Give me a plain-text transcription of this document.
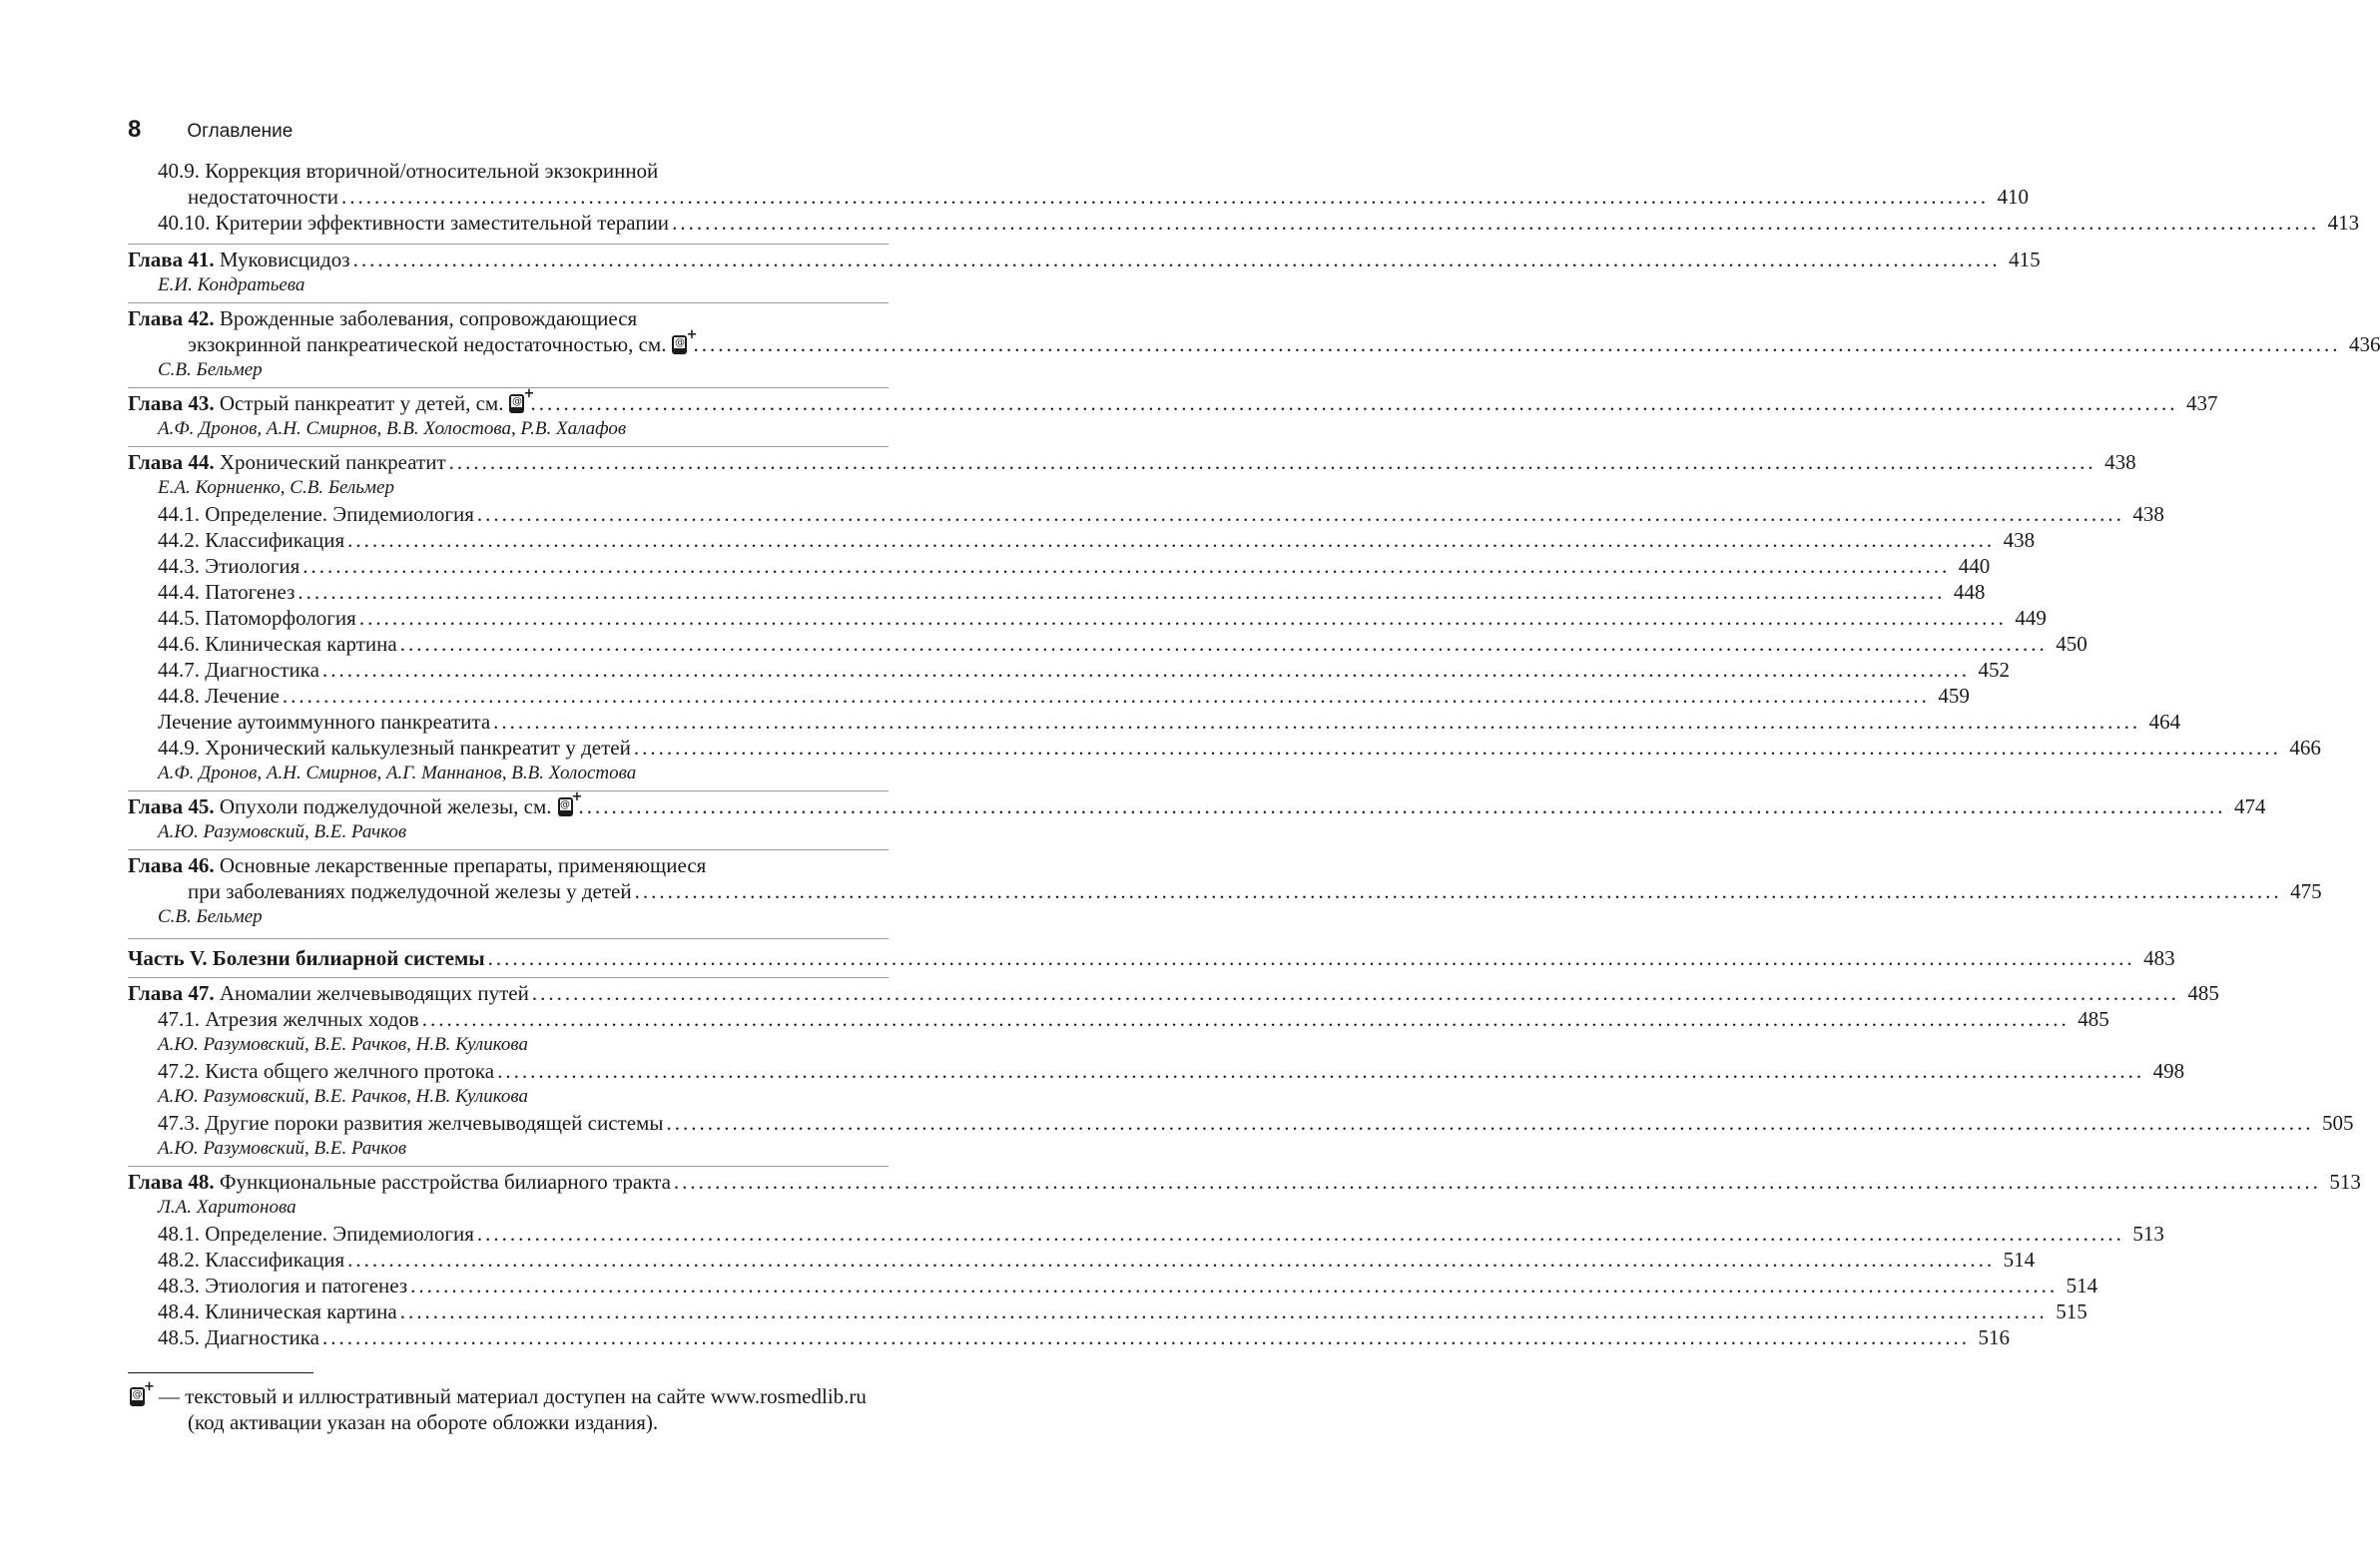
8 Оглавление
40.9. Коррекция вторичной/относительной экзокринной
недостаточности ........................................................................................................................................................................................................ 410
40.10. Критерии эффективности заместительной терапии ........................................................................................................................................................................................................ 413
Глава 41. Муковисцидоз ........................................................................................................................................................................................................ 415
Е.И. Кондратьева
Глава 42. Врожденные заболевания, сопровождающиеся
экзокринной панкреатической недостаточностью, см. @
+
........................................................................................................................................................................................................ 436
С.В. Бельмер
Глава 43. Острый панкреатит у детей, см. @
+
........................................................................................................................................................................................................ 437
А.Ф. Дронов, А.Н. Смирнов, В.В. Холостова, Р.В. Халафов
Глава 44. Хронический панкреатит ........................................................................................................................................................................................................ 438
Е.А. Корниенко, С.В. Бельмер
44.1. Определение. Эпидемиология ........................................................................................................................................................................................................ 438
44.2. Классификация ........................................................................................................................................................................................................ 438
44.3. Этиология ........................................................................................................................................................................................................ 440
44.4. Патогенез ........................................................................................................................................................................................................ 448
44.5. Патоморфология ........................................................................................................................................................................................................ 449
44.6. Клиническая картина ........................................................................................................................................................................................................ 450
44.7. Диагностика ........................................................................................................................................................................................................ 452
44.8. Лечение ........................................................................................................................................................................................................ 459
Лечение аутоиммунного панкреатита ........................................................................................................................................................................................................ 464
44.9. Хронический калькулезный панкреатит у детей ........................................................................................................................................................................................................ 466
А.Ф. Дронов, А.Н. Смирнов, А.Г. Маннанов, В.В. Холостова
Глава 45. Опухоли поджелудочной железы, см. @
+
........................................................................................................................................................................................................ 474
А.Ю. Разумовский, В.Е. Рачков
Глава 46. Основные лекарственные препараты, применяющиеся
при заболеваниях поджелудочной железы у детей ........................................................................................................................................................................................................ 475
С.В. Бельмер
Часть V. Болезни билиарной системы ........................................................................................................................................................................................................ 483
Глава 47. Аномалии желчевыводящих путей ........................................................................................................................................................................................................ 485
47.1. Атрезия желчных ходов ........................................................................................................................................................................................................ 485
А.Ю. Разумовский, В.Е. Рачков, Н.В. Куликова
47.2. Киста общего желчного протока ........................................................................................................................................................................................................ 498
А.Ю. Разумовский, В.Е. Рачков, Н.В. Куликова
47.3. Другие пороки развития желчевыводящей системы ........................................................................................................................................................................................................ 505
А.Ю. Разумовский, В.Е. Рачков
Глава 48. Функциональные расстройства билиарного тракта ........................................................................................................................................................................................................ 513
Л.А. Харитонова
48.1. Определение. Эпидемиология ........................................................................................................................................................................................................ 513
48.2. Классификация ........................................................................................................................................................................................................ 514
48.3. Этиология и патогенез ........................................................................................................................................................................................................ 514
48.4. Клиническая картина ........................................................................................................................................................................................................ 515
48.5. Диагностика ........................................................................................................................................................................................................ 516
@
+ — текстовый и иллюстративный материал доступен на сайте www.rosmedlib.ru
(код активации указан на обороте обложки издания).
